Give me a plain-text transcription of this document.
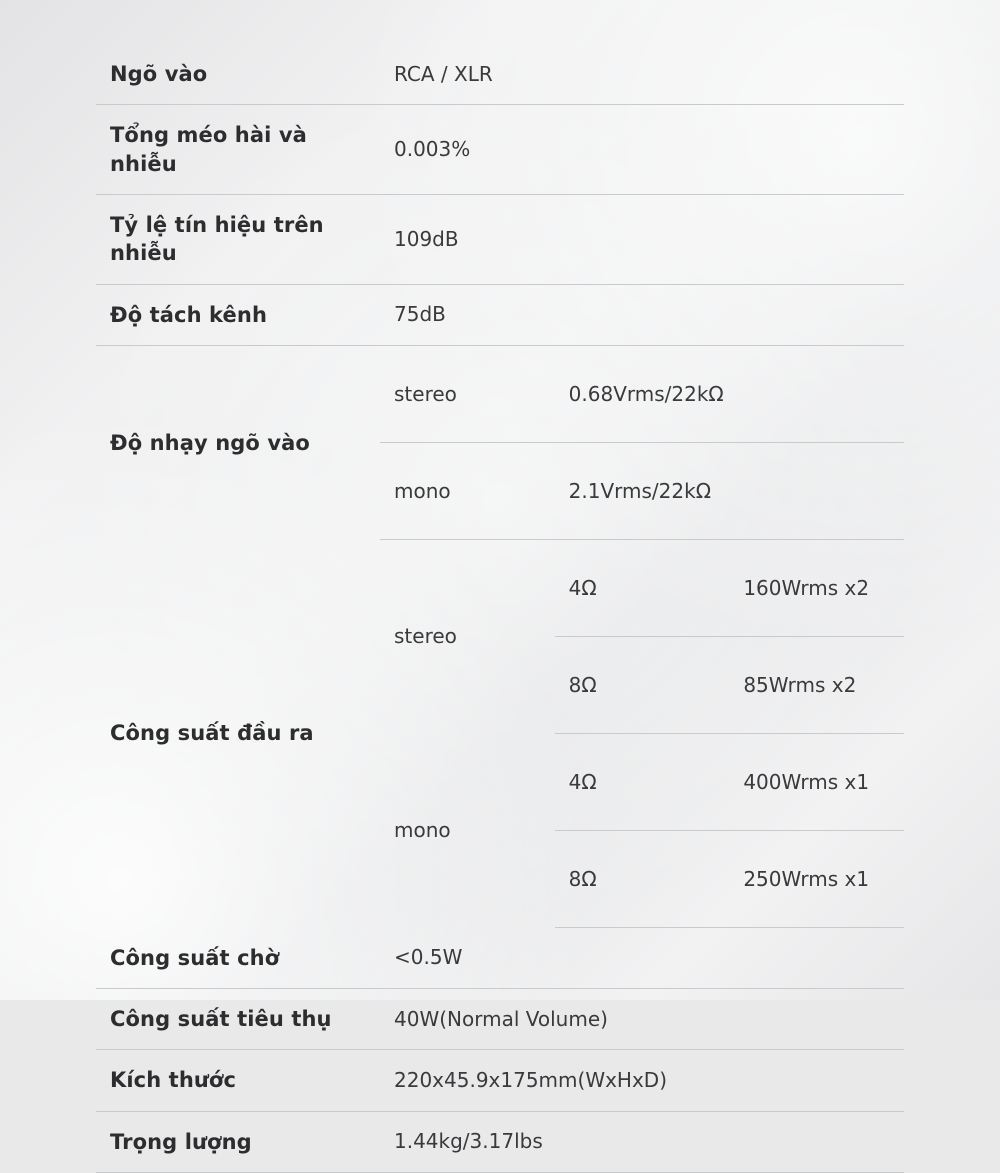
Ngõ vào	RCA / XLR		
Tổng méo hài và nhiễu	0.003%		
Tỷ lệ tín hiệu trên nhiễu	109dB		
Độ tách kênh	75dB		
Độ nhạy ngõ vào	stereo	0.68Vrms/22kΩ	
	mono	2.1Vrms/22kΩ	
Công suất đầu ra	stereo	4Ω	160Wrms x2
		8Ω	85Wrms x2
	mono	4Ω	400Wrms x1
		8Ω	250Wrms x1
Công suất chờ	<0.5W		
Công suất tiêu thụ	40W(Normal Volume)		
Kích thước	220x45.9x175mm(WxHxD)		
Trọng lượng	1.44kg/3.17lbs		
